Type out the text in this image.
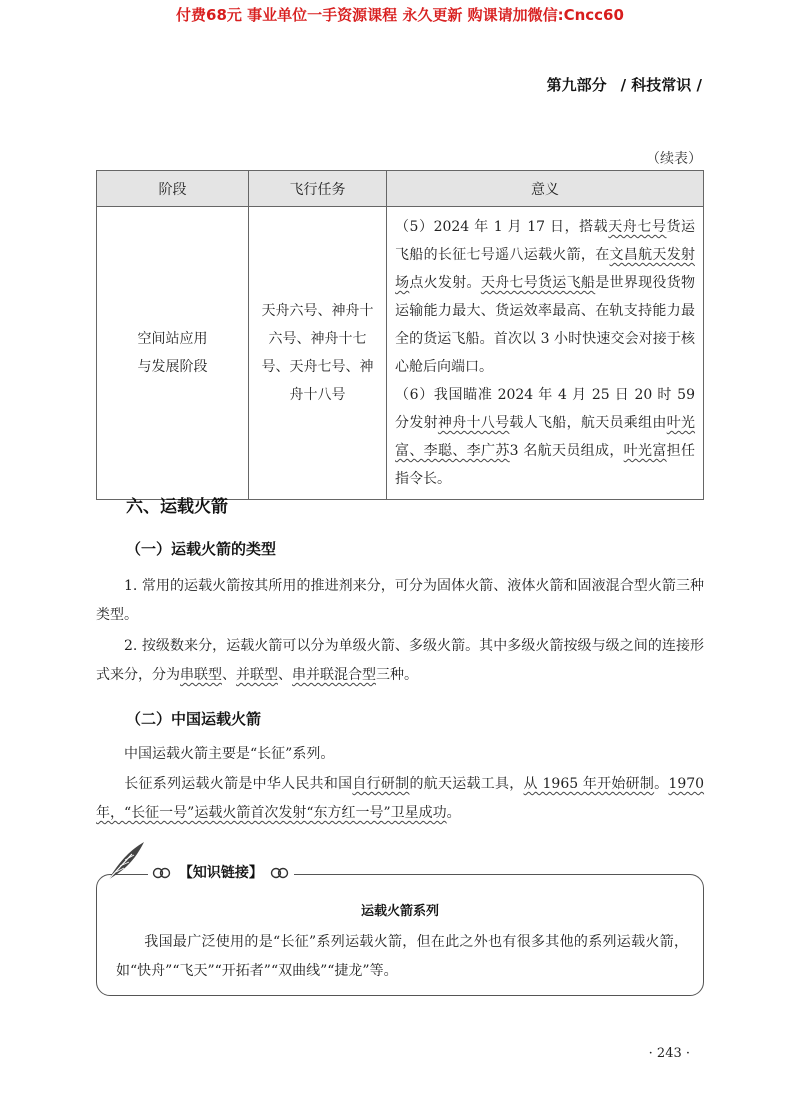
付费68元 事业单位一手资源课程 永久更新 购课请加微信:Cncc60
第九部分 / 科技常识 /
（续表）
阶段	飞行任务	意义
空间站应用与发展阶段	天舟六号、神舟十六号、神舟十七号、天舟七号、神舟十八号	（5）2024 年 1 月 17 日，搭载天舟七号货运飞船的长征七号遥八运载火箭，在文昌航天发射场点火发射。天舟七号货运飞船是世界现役货物运输能力最大、货运效率最高、在轨支持能力最全的货运飞船。首次以 3 小时快速交会对接于核心舱后向端口。
（6）我国瞄准 2024 年 4 月 25 日 20 时 59 分发射神舟十八号载人飞船，航天员乘组由叶光富、李聪、李广苏3 名航天员组成，叶光富担任指令长。
六、运载火箭
（一）运载火箭的类型
1. 常用的运载火箭按其所用的推进剂来分，可分为固体火箭、液体火箭和固液混合型火箭三种类型。
2. 按级数来分，运载火箭可以分为单级火箭、多级火箭。其中多级火箭按级与级之间的连接形式来分，分为串联型、并联型、串并联混合型三种。
（二）中国运载火箭
中国运载火箭主要是“长征”系列。
长征系列运载火箭是中华人民共和国自行研制的航天运载工具，从 1965 年开始研制。1970 年，“长征一号”运载火箭首次发射“东方红一号”卫星成功。
【知识链接】
运载火箭系列
我国最广泛使用的是“长征”系列运载火箭，但在此之外也有很多其他的系列运载火箭，如“快舟”“飞天”“开拓者”“双曲线”“捷龙”等。
· 243 ·
